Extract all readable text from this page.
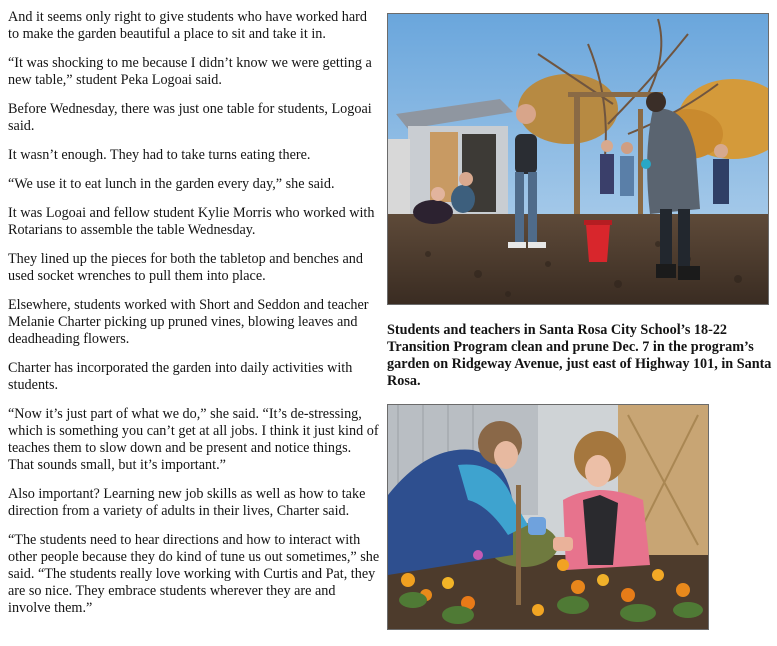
And it seems only right to give students who have worked hard to make the garden beautiful a place to sit and take it in.

“It was shocking to me because I didn’t know we were getting a new table,” student Peka Logoai said.

Before Wednesday, there was just one table for students, Logoai said.

It wasn’t enough. They had to take turns eating there.

“We use it to eat lunch in the garden every day,” she said.

It was Logoai and fellow student Kylie Morris who worked with Rotarians to assemble the table Wednesday.

They lined up the pieces for both the tabletop and benches and used socket wrenches to pull them into place.

Elsewhere, students worked with Short and Seddon and teacher Melanie Charter picking up pruned vines, blowing leaves and deadheading flowers.

Charter has incorporated the garden into daily activities with students.

“Now it’s just part of what we do,” she said. “It’s de-stressing, which is something you can’t get at all jobs. I think it just kind of teaches them to slow down and be present and notice things. That sounds small, but it’s important.”

Also important? Learning new job skills as well as how to take direction from a variety of adults in their lives, Charter said.

“The students need to hear directions and how to interact with other people because they do kind of tune us out sometimes,” she said. “The students really love working with Curtis and Pat, they are so nice. They embrace students wherever they are and involve them.”

Students and teachers in Santa Rosa City School’s 18-22 Transition Program clean and prune Dec. 7 in the program’s garden on Ridgeway Avenue, just east of Highway 101, in Santa Rosa.
